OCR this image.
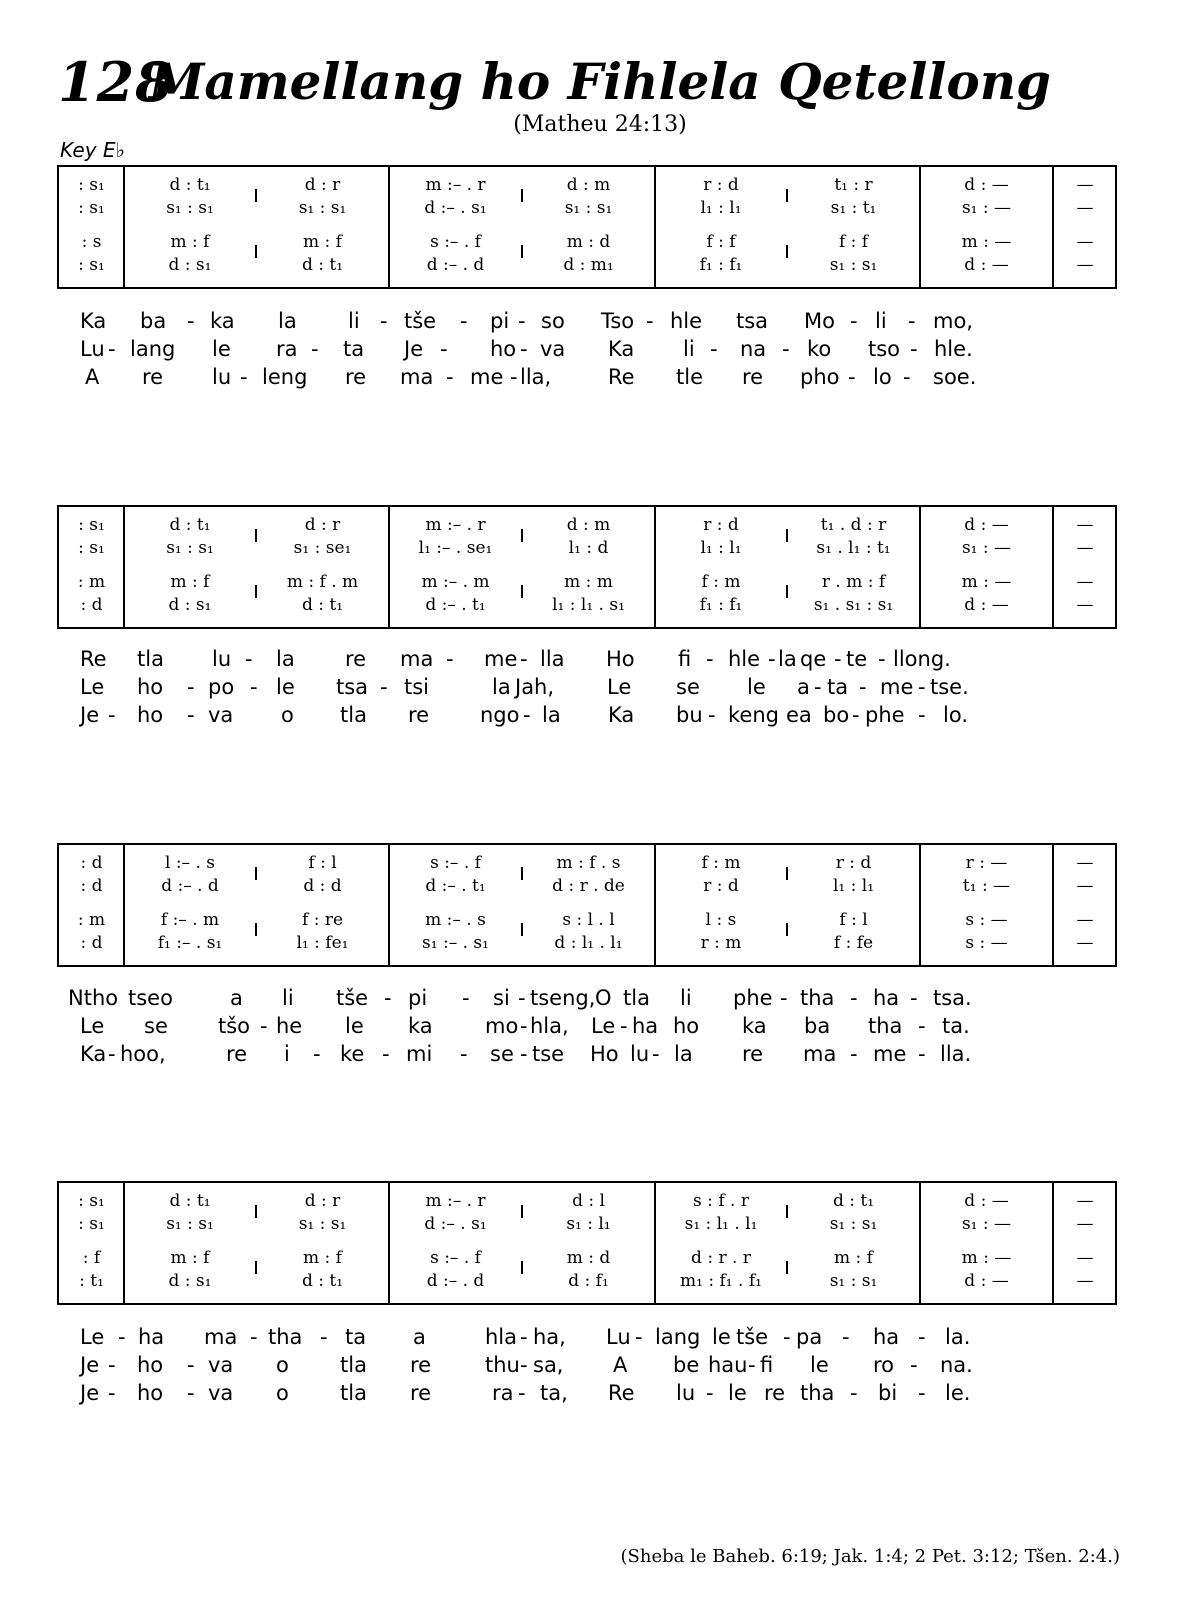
128
Mamellang ho Fihlela Qetellong
(Matheu 24:13)
Key E♭
: s₁	d : t₁	d : r	m :– . r	d : m	r : d	t₁ : r	d : —	—
: s₁	s₁ : s₁	s₁ : s₁	d :– . s₁	s₁ : s₁	l₁ : l₁	s₁ : t₁	s₁ : —	—
: s	m : f	m : f	s :– . f	m : d	f : f	f : f	m : —	—
: s₁	d : s₁	d : t₁	d :– . d	d : m₁	f₁ : f₁	s₁ : s₁	d : —	—
Ka ba - ka la li - tše - pi - so Tso - hle tsa Mo - li - mo,
Lu - lang le ra - ta Je - ho - va Ka li - na - ko tso - hle.
A re lu - leng re ma - me - lla,	Re tle re pho - lo - soe.
: s₁	d : t₁	d : r	m :– . r	d : m	r : d	t₁ . d : r	d : —	—
: s₁	s₁ : s₁	s₁ : se₁	l₁ :– . se₁	l₁ : d	l₁ : l₁	s₁ . l₁ : t₁	s₁ : —	—
: m	m : f	m : f . m	m :– . m	m : m	f : m	r . m : f	m : —	—
: d	d : s₁	d : t₁	d :– . t₁	l₁ : l₁ . s₁	f₁ : f₁	s₁ . s₁ : s₁	d : —	—
Re tla lu - la re ma - me - lla Ho fi - hle - la qe - te - llong.
Le ho - po - le tsa - tsi	la Jah,	Le se le a - ta - me - tse.
Je - ho - va o tla re ngo - la Ka bu - keng ea bo - phe - lo.
: d	l :– . s	f : l	s :– . f	m : f . s	f : m	r : d	r : —	—
: d	d :– . d	d : d	d :– . t₁	d : r . de	r : d	l₁ : l₁	t₁ : —	—
: m	f :– . m	f : re	m :– . s	s : l . l	l : s	f : l	s : —	—
: d	f₁ :– . s₁	l₁ : fe₁	s₁ :– . s₁	d : l₁ . l₁	r : m	f : fe	s : —	—
Ntho tseo	a li tše - pi - si - tseng, O tla li phe - tha - ha - tsa.
Le se tšo - he le ka mo - hla, Le - ha ho ka ba tha - ta.
Ka - hoo,	re i - ke - mi - se - tse Ho lu - la re ma - me - lla.
: s₁	d : t₁	d : r	m :– . r	d : l	s : f . r	d : t₁	d : —	—
: s₁	s₁ : s₁	s₁ : s₁	d :– . s₁	s₁ : l₁	s₁ : l₁ . l₁	s₁ : s₁	s₁ : —	—
: f	m : f	m : f	s :– . f	m : d	d : r . r	m : f	m : —	—
: t₁	d : s₁	d : t₁	d :– . d	d : f₁	m₁ : f₁ . f₁	s₁ : s₁	d : —	—
Le - ha ma - tha - ta a	hla - ha, Lu - lang le tše - pa - ha - la.
Je - ho - va o tla re	thu - sa, A be hau - fi le ro - na.
Je - ho - va o tla re	ra - ta, Re lu - le re tha - bi - le.
(Sheba le Baheb. 6:19; Jak. 1:4; 2 Pet. 3:12; Tšen. 2:4.)
